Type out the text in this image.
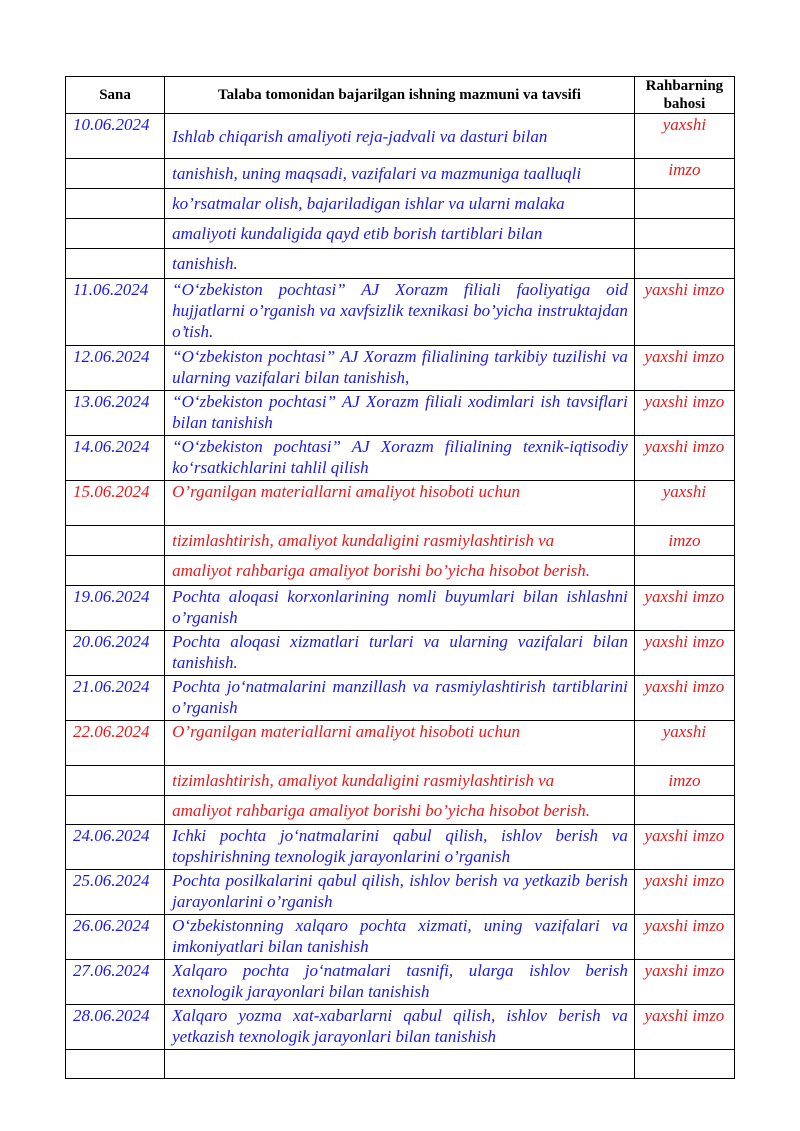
Sana	Talaba tomonidan bajarilgan ishning mazmuni va tavsifi	Rahbarning bahosi
10.06.2024	Ishlab chiqarish amaliyoti reja-jadvali va dasturi bilan	yaxshi
	tanishish, uning maqsadi, vazifalari va mazmuniga taalluqli	imzo
	ko’rsatmalar olish, bajariladigan ishlar va ularni malaka	
	amaliyoti kundaligida qayd etib borish tartiblari bilan	
	tanishish.	
11.06.2024	“O‘zbekiston pochtasi” AJ Xorazm filiali faoliyatiga oid hujjatlarni o’rganish va xavfsizlik texnikasi bo’yicha instruktajdan o’tish.	yaxshi imzo
12.06.2024	“O‘zbekiston pochtasi” AJ Xorazm filialining tarkibiy tuzilishi va ularning vazifalari bilan tanishish,	yaxshi imzo
13.06.2024	“O‘zbekiston pochtasi” AJ Xorazm filiali xodimlari ish tavsiflari bilan tanishish	yaxshi imzo
14.06.2024	“O‘zbekiston pochtasi” AJ Xorazm filialining texnik-iqtisodiy ko‘rsatkichlarini tahlil qilish	yaxshi imzo
15.06.2024	O’rganilgan materiallarni amaliyot hisoboti uchun	yaxshi
	tizimlashtirish, amaliyot kundaligini rasmiylashtirish va	imzo
	amaliyot rahbariga amaliyot borishi bo’yicha hisobot berish.	
19.06.2024	Pochta aloqasi korxonlarining nomli buyumlari bilan ishlashni o’rganish	yaxshi imzo
20.06.2024	Pochta aloqasi xizmatlari turlari va ularning vazifalari bilan tanishish.	yaxshi imzo
21.06.2024	Pochta jo‘natmalarini manzillash va rasmiylashtirish tartiblarini o’rganish	yaxshi imzo
22.06.2024	O’rganilgan materiallarni amaliyot hisoboti uchun	yaxshi
	tizimlashtirish, amaliyot kundaligini rasmiylashtirish va	imzo
	amaliyot rahbariga amaliyot borishi bo’yicha hisobot berish.	
24.06.2024	Ichki pochta jo‘natmalarini qabul qilish, ishlov berish va topshirishning texnologik jarayonlarini o’rganish	yaxshi imzo
25.06.2024	Pochta posilkalarini qabul qilish, ishlov berish va yetkazib berish jarayonlarini o’rganish	yaxshi imzo
26.06.2024	O‘zbekistonning xalqaro pochta xizmati, uning vazifalari va imkoniyatlari bilan tanishish	yaxshi imzo
27.06.2024	Xalqaro pochta jo‘natmalari tasnifi, ularga ishlov berish texnologik jarayonlari bilan tanishish	yaxshi imzo
28.06.2024	Xalqaro yozma xat-xabarlarni qabul qilish, ishlov berish va yetkazish texnologik jarayonlari bilan tanishish	yaxshi imzo
